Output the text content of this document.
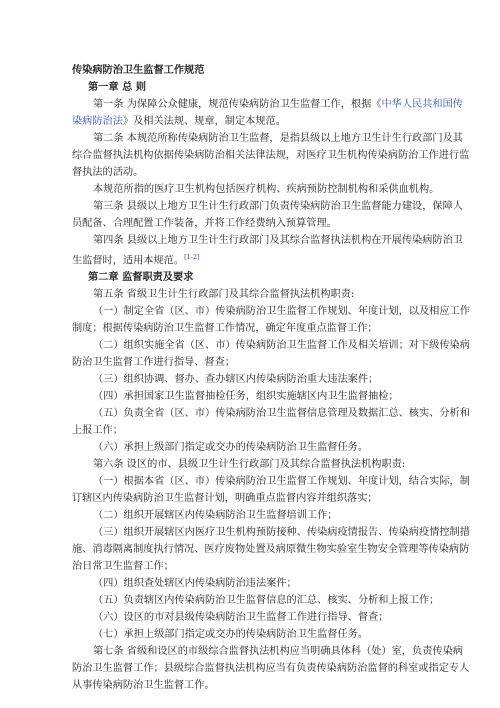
传染病防治卫生监督工作规范
第一章 总 则
第一条 为保障公众健康，规范传染病防治卫生监督工作，根据《中华人民共和国传
染病防治法》及相关法规、规章，制定本规范。
第二条 本规范所称传染病防治卫生监督，是指县级以上地方卫生计生行政部门及其
综合监督执法机构依据传染病防治相关法律法规，对医疗卫生机构传染病防治工作进行监
督执法的活动。
本规范所指的医疗卫生机构包括医疗机构、疾病预防控制机构和采供血机构。
第三条 县级以上地方卫生计生行政部门负责传染病防治卫生监督能力建设，保障人
员配备、合理配置工作装备，并将工作经费纳入预算管理。
第四条 县级以上地方卫生计生行政部门及其综合监督执法机构在开展传染病防治卫
生监督时，适用本规范。[1-2]
第二章 监督职责及要求
第五条 省级卫生计生行政部门及其综合监督执法机构职责:
（一）制定全省（区、市）传染病防治卫生监督工作规划、年度计划，以及相应工作
制度；根据传染病防治卫生监督工作情况，确定年度重点监督工作；
（二）组织实施全省（区、市）传染病防治卫生监督工作及相关培训；对下级传染病
防治卫生监督工作进行指导、督查；
（三）组织协调、督办、查办辖区内传染病防治重大违法案件；
（四）承担国家卫生监督抽检任务，组织实施辖区内卫生监督抽检；
（五）负责全省（区、市）传染病防治卫生监督信息管理及数据汇总、核实、分析和
上报工作；
（六）承担上级部门指定或交办的传染病防治卫生监督任务。
第六条 设区的市、县级卫生计生行政部门及其综合监督执法机构职责:
（一）根据本省（区、市）传染病防治卫生监督工作规划、年度计划，结合实际，制
订辖区内传染病防治卫生监督计划，明确重点监督内容并组织落实；
（二）组织开展辖区内传染病防治卫生监督培训工作；
（三）组织开展辖区内医疗卫生机构预防接种、传染病疫情报告、传染病疫情控制措
施、消毒隔离制度执行情况、医疗废物处置及病原微生物实验室生物安全管理等传染病防
治日常卫生监督工作；
（四）组织查处辖区内传染病防治违法案件；
（五）负责辖区内传染病防治卫生监督信息的汇总、核实、分析和上报工作；
（六）设区的市对县级传染病防治卫生监督工作进行指导、督查；
（七）承担上级部门指定或交办的传染病防治卫生监督任务。
第七条 省级和设区的市级综合监督执法机构应当明确具体科（处）室，负责传染病
防治卫生监督工作；县级综合监督执法机构应当有负责传染病防治监督的科室或指定专人
从事传染病防治卫生监督工作。
